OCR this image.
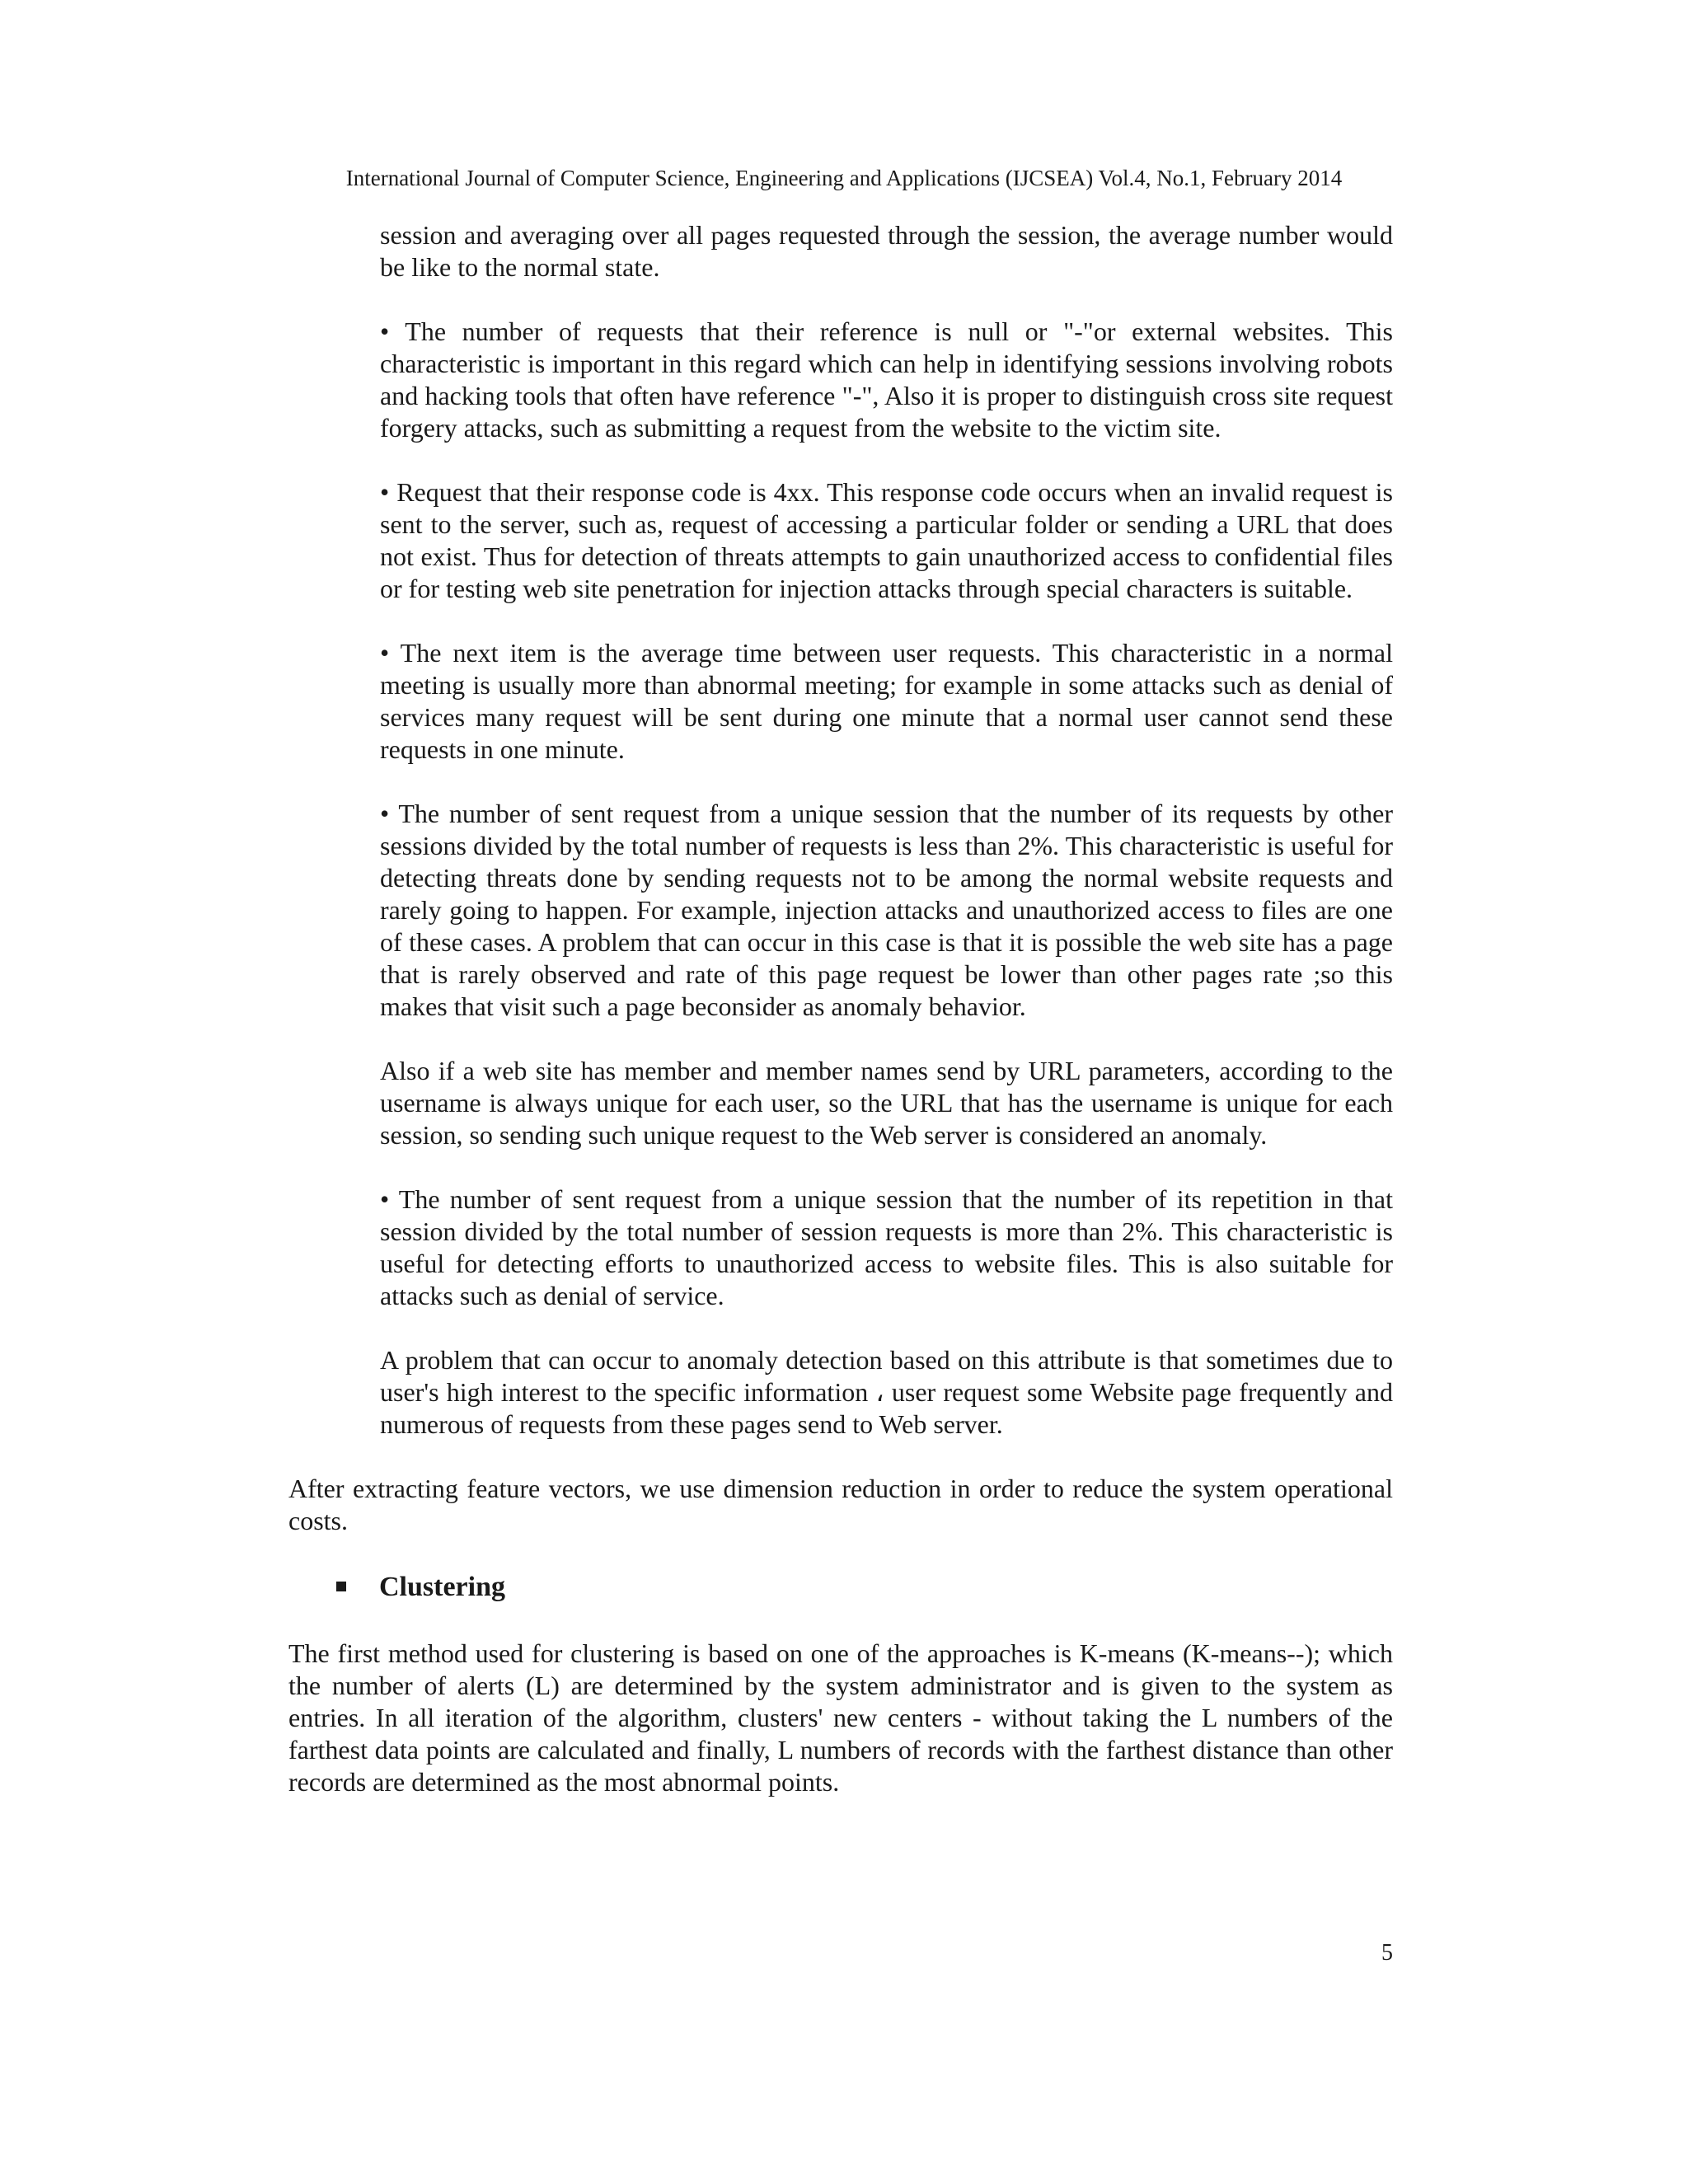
International Journal of Computer Science, Engineering and Applications (IJCSEA) Vol.4, No.1, February 2014

session and averaging over all pages requested through the session, the average number would be like to the normal state.

• The number of requests that their reference is null or "-"or external websites. This characteristic is important in this regard which can help in identifying sessions involving robots and hacking tools that often have reference "-", Also it is proper to distinguish cross site request forgery attacks, such as submitting a request from the website to the victim site.

• Request that their response code is 4xx. This response code occurs when an invalid request is sent to the server, such as, request of accessing a particular folder or sending a URL that does not exist. Thus for detection of threats attempts to gain unauthorized access to confidential files or for testing web site penetration for injection attacks through special characters is suitable.

• The next item is the average time between user requests. This characteristic in a normal meeting is usually more than abnormal meeting; for example in some attacks such as denial of services many request will be sent during one minute that a normal user cannot send these requests in one minute.

• The number of sent request from a unique session that the number of its requests by other sessions divided by the total number of requests is less than 2%. This characteristic is useful for detecting threats done by sending requests not to be among the normal website requests and rarely going to happen. For example, injection attacks and unauthorized access to files are one of these cases. A problem that can occur in this case is that it is possible the web site has a page that is rarely observed and rate of this page request be lower than other pages rate ;so this makes that visit such a page beconsider as anomaly behavior.

Also if a web site has member and member names send by URL parameters, according to the username is always unique for each user, so the URL that has the username is unique for each session, so sending such unique request to the Web server is considered an anomaly.

• The number of sent request from a unique session that the number of its repetition in that session divided by the total number of session requests is more than 2%. This characteristic is useful for detecting efforts to unauthorized access to website files. This is also suitable for attacks such as denial of service.

A problem that can occur to anomaly detection based on this attribute is that sometimes due to user's high interest to the specific information ، user request some Website page frequently and numerous of requests from these pages send to Web server.

After extracting feature vectors, we use dimension reduction in order to reduce the system operational costs.

Clustering

The first method used for clustering is based on one of the approaches is K-means (K-means--); which the number of alerts (L) are determined by the system administrator and is given to the system as entries. In all iteration of the algorithm, clusters' new centers - without taking the L numbers of the farthest data points are calculated and finally, L numbers of records with the farthest distance than other records are determined as the most abnormal points.

5
